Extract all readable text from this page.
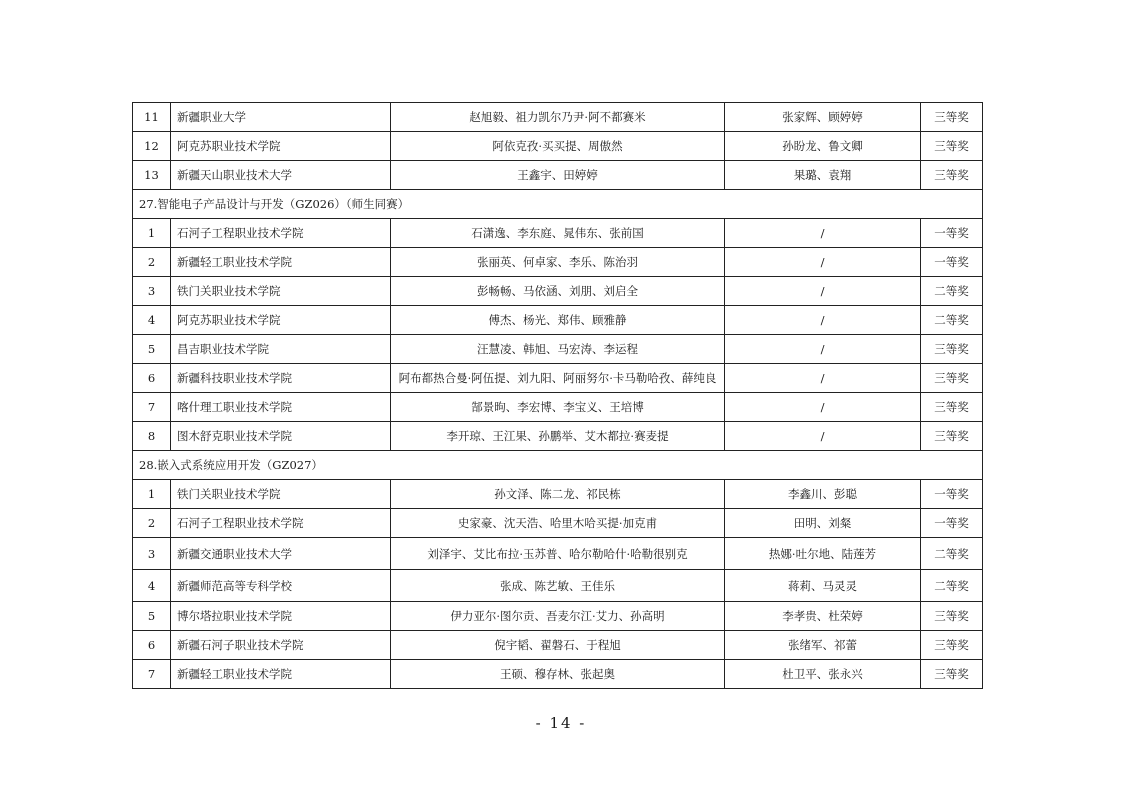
11	新疆职业大学	赵旭毅、祖力凯尔乃尹·阿不都赛米	张家辉、顾婷婷	三等奖
12	阿克苏职业技术学院	阿依克孜·买买提、周傲然	孙盼龙、鲁文卿	三等奖
13	新疆天山职业技术大学	王鑫宇、田婷婷	果璐、袁翔	三等奖
27.智能电子产品设计与开发（GZ026）（师生同赛）				
1	石河子工程职业技术学院	石潇逸、李东庭、晁伟东、张前国	/	一等奖
2	新疆轻工职业技术学院	张丽英、何卓家、李乐、陈治羽	/	一等奖
3	铁门关职业技术学院	彭畅畅、马依涵、刘朋、刘启全	/	二等奖
4	阿克苏职业技术学院	傅杰、杨光、郑伟、顾雅静	/	二等奖
5	昌吉职业技术学院	汪慧凌、韩旭、马宏涛、李运程	/	三等奖
6	新疆科技职业技术学院	阿布都热合曼·阿伍提、刘九阳、阿丽努尔·卡马勒哈孜、薛纯良	/	三等奖
7	喀什理工职业技术学院	郜景昫、李宏博、李宝义、王培博	/	三等奖
8	图木舒克职业技术学院	李开琼、王江果、孙鹏举、艾木都拉·赛麦提	/	三等奖
28.嵌入式系统应用开发（GZ027）				
1	铁门关职业技术学院	孙文泽、陈二龙、祁民栋	李鑫川、彭聪	一等奖
2	石河子工程职业技术学院	史家豪、沈天浩、哈里木哈买提·加克甫	田明、刘粲	一等奖
3	新疆交通职业技术大学	刘泽宇、艾比布拉·玉苏普、哈尔勒哈什·哈勒很别克	热娜·吐尔地、陆莲芳	二等奖
4	新疆师范高等专科学校	张成、陈艺敏、王佳乐	蒋莉、马灵灵	二等奖
5	博尔塔拉职业技术学院	伊力亚尔·图尔贡、吾麦尔江·艾力、孙高明	李孝贵、杜荣婷	三等奖
6	新疆石河子职业技术学院	倪宇韬、翟磐石、于程旭	张绪军、祁蕾	三等奖
7	新疆轻工职业技术学院	王硕、穆存林、张起奥	杜卫平、张永兴	三等奖
- 14 -
